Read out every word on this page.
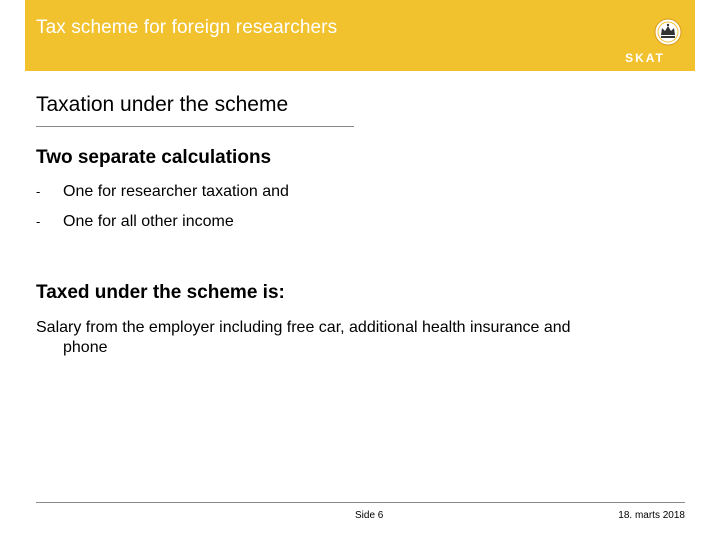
Tax scheme for foreign researchers
SKAT
Taxation under the scheme
Two separate calculations
- One for researcher taxation and
- One for all other income
Taxed under the scheme is:
Salary from the employer including free car, additional health insurance and
phone
Side 6	18. marts 2018
